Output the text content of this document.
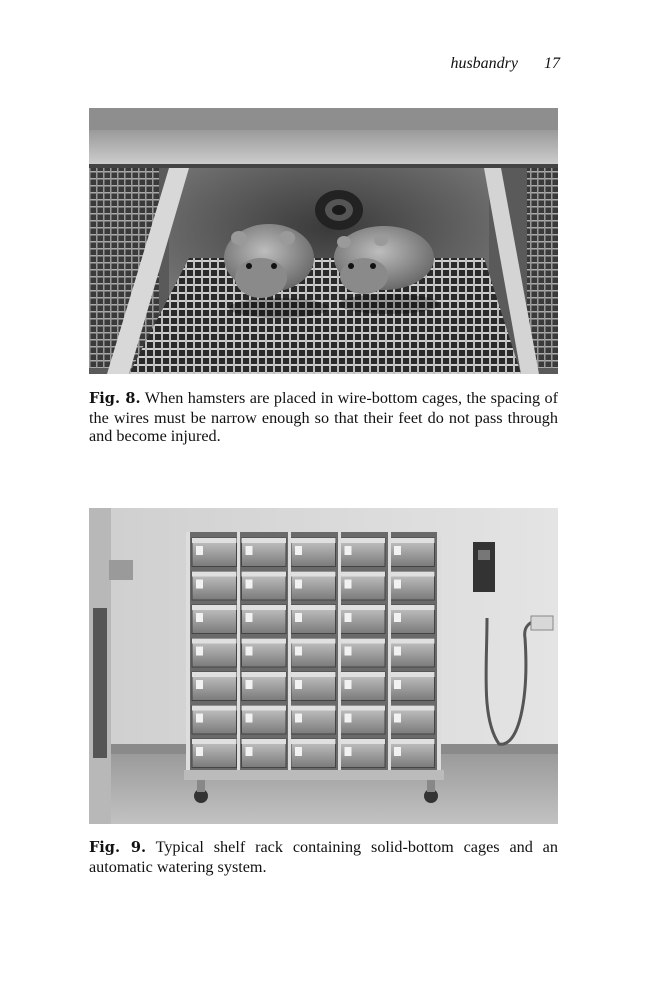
husbandry 17
Fig. 8. When hamsters are placed in wire-bottom cages, the spacing of the wires must be narrow enough so that their feet do not pass through and become injured.
Fig. 9. Typical shelf rack containing solid-bottom cages and an automatic watering system.
